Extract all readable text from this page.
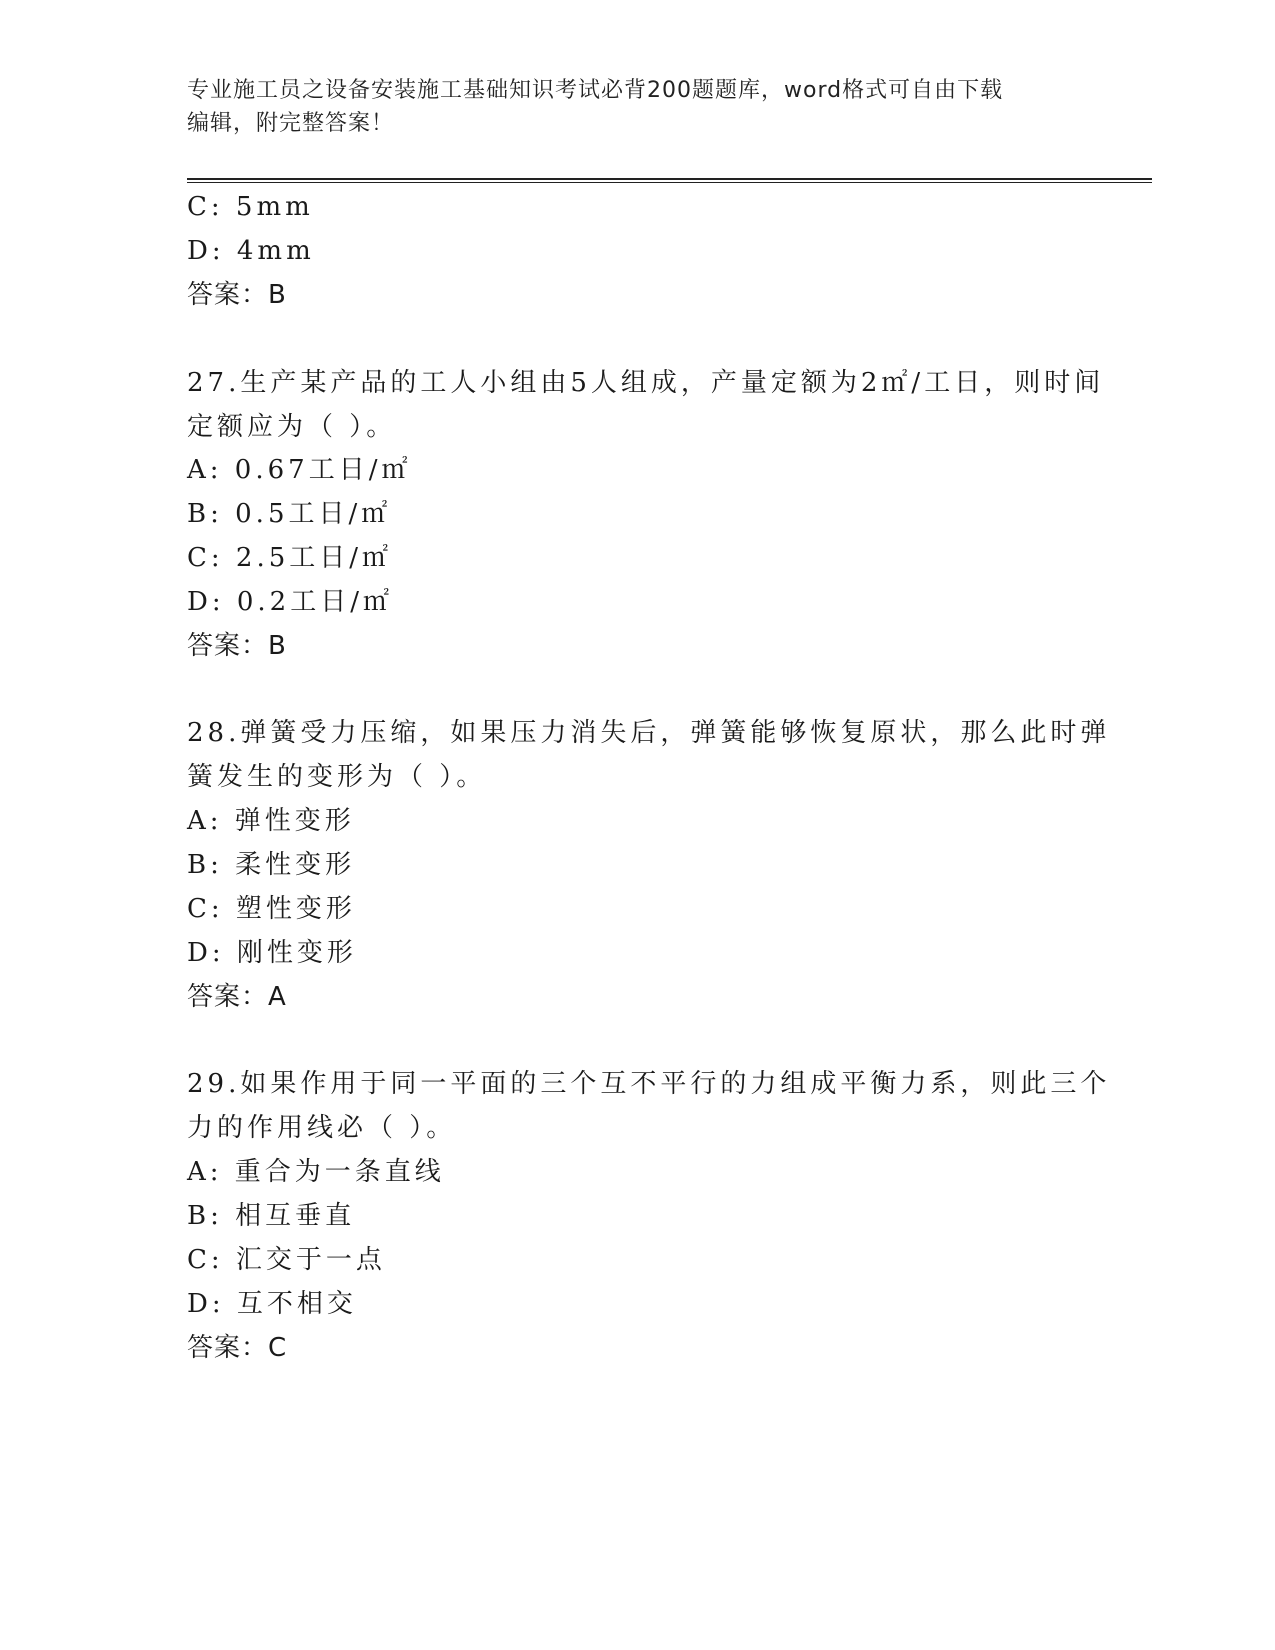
专业施工员之设备安装施工基础知识考试必背200题题库，word格式可自由下载
编辑，附完整答案！
C: 5mm
D: 4mm
答案：B
27.生产某产品的工人小组由5人组成，产量定额为2㎡/工日，则时间
定额应为（ ）。
A: 0.67工日/㎡
B: 0.5工日/㎡
C: 2.5工日/㎡
D: 0.2工日/㎡
答案：B
28.弹簧受力压缩，如果压力消失后，弹簧能够恢复原状，那么此时弹
簧发生的变形为（ ）。
A: 弹性变形
B: 柔性变形
C: 塑性变形
D: 刚性变形
答案：A
29.如果作用于同一平面的三个互不平行的力组成平衡力系，则此三个
力的作用线必（ ）。
A: 重合为一条直线
B: 相互垂直
C: 汇交于一点
D: 互不相交
答案：C
